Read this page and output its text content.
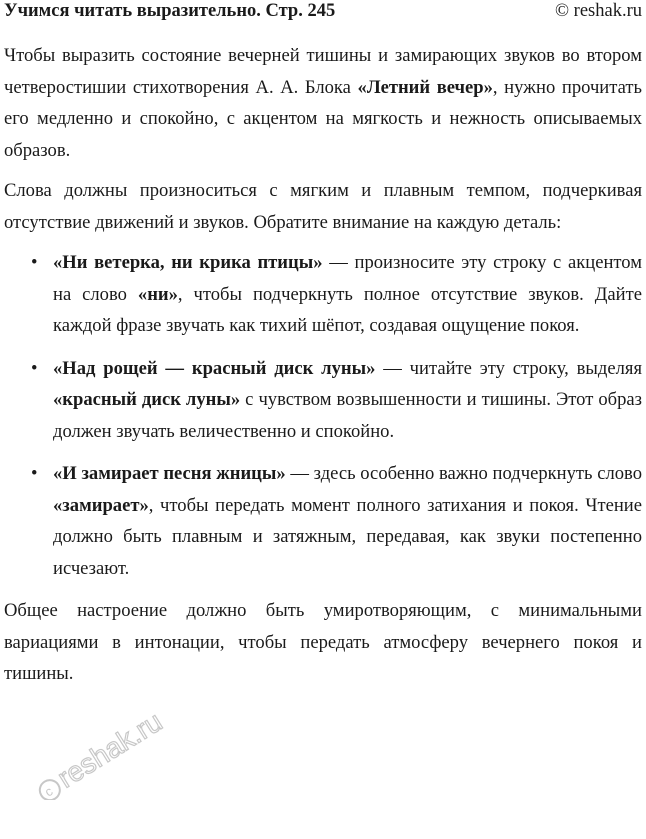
Учимся читать выразительно. Стр. 245	© reshak.ru

Чтобы выразить состояние вечерней тишины и замирающих звуков во втором четверостишии стихотворения А. А. Блока «Летний вечер», нужно прочитать его медленно и спокойно, с акцентом на мягкость и нежность описываемых образов.

Слова должны произноситься с мягким и плавным темпом, подчеркивая отсутствие движений и звуков. Обратите внимание на каждую деталь:

• «Ни ветерка, ни крика птицы» — произносите эту строку с акцентом на слово «ни», чтобы подчеркнуть полное отсутствие звуков. Дайте каждой фразе звучать как тихий шёпот, создавая ощущение покоя.
• «Над рощей — красный диск луны» — читайте эту строку, выделяя «красный диск луны» с чувством возвышенности и тишины. Этот образ должен звучать величественно и спокойно.
• «И замирает песня жницы» — здесь особенно важно подчеркнуть слово «замирает», чтобы передать момент полного затихания и покоя. Чтение должно быть плавным и затяжным, передавая, как звуки постепенно исчезают.

Общее настроение должно быть умиротворяющим, с минимальными вариациями в интонации, чтобы передать атмосферу вечернего покоя и тишины.

c
reshak.ru
